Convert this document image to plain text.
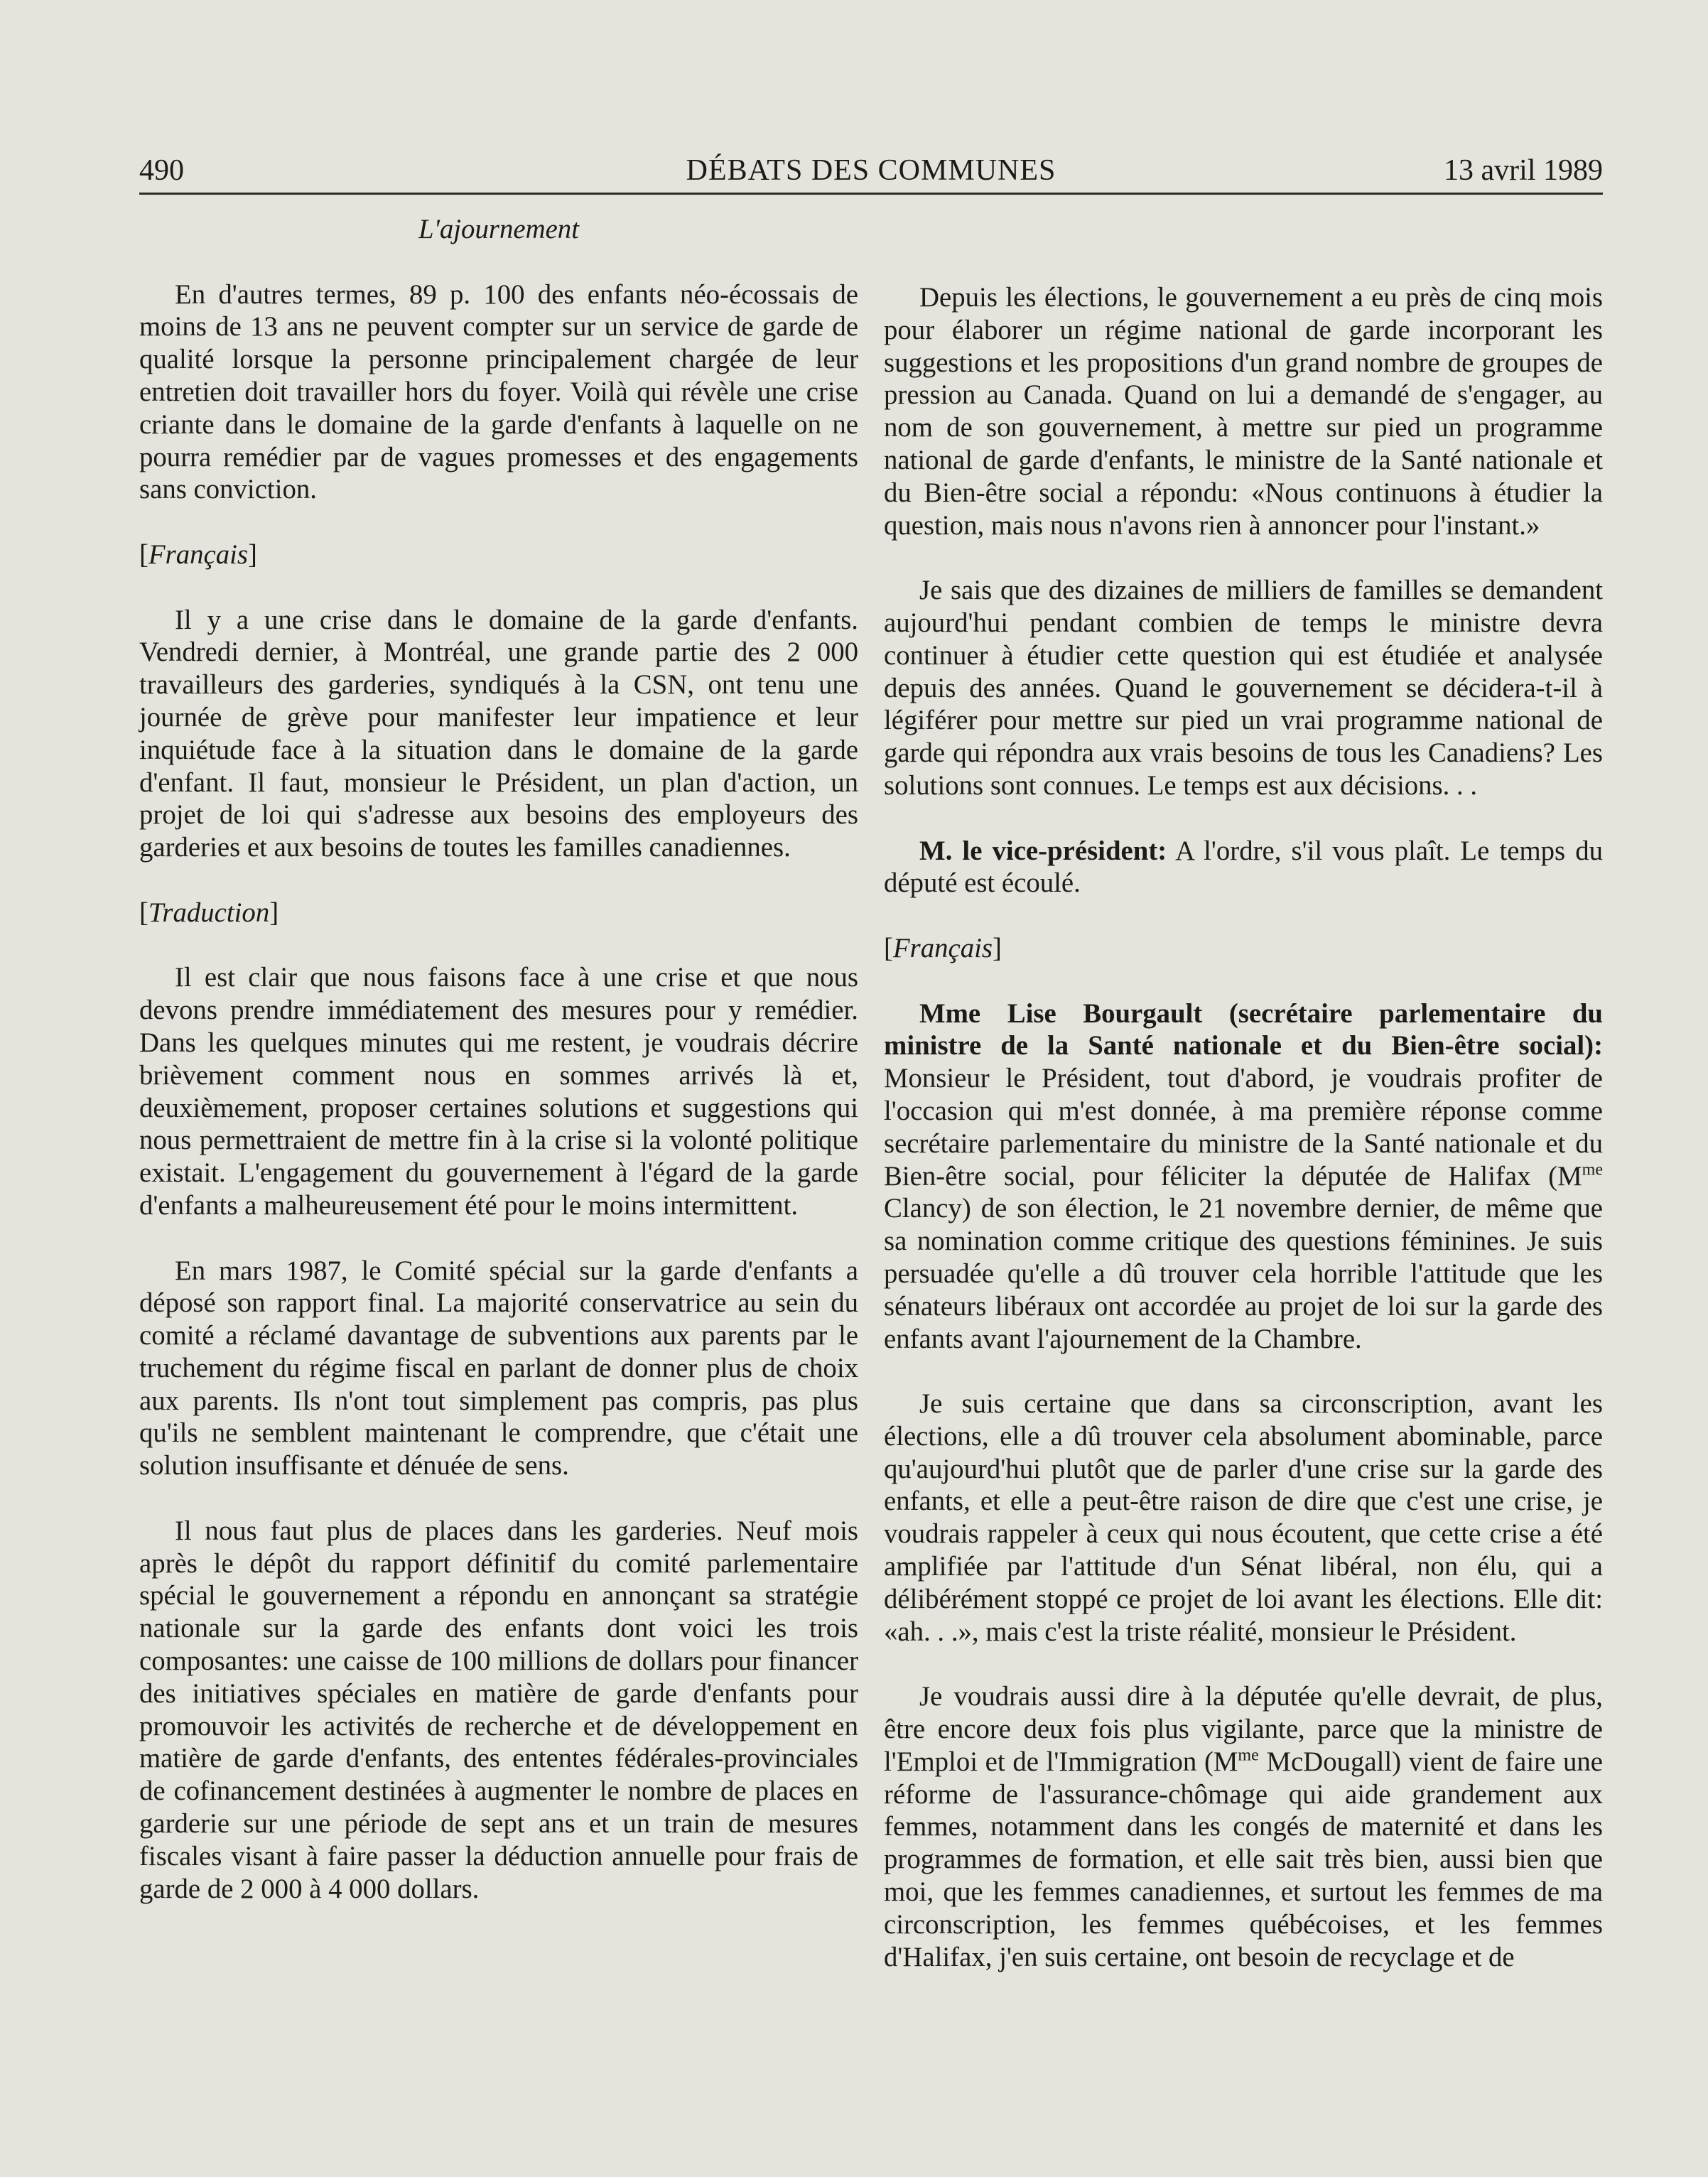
490	DÉBATS DES COMMUNES	13 avril 1989

L'ajournement

En d'autres termes, 89 p. 100 des enfants néo-écossais de moins de 13 ans ne peuvent compter sur un service de garde de qualité lorsque la personne principalement chargée de leur entretien doit travailler hors du foyer. Voilà qui révèle une crise criante dans le domaine de la garde d'enfants à laquelle on ne pourra remédier par de vagues promesses et des engagements sans conviction.

[Français]

Il y a une crise dans le domaine de la garde d'enfants. Vendredi dernier, à Montréal, une grande partie des 2 000 travailleurs des garderies, syndiqués à la CSN, ont tenu une journée de grève pour manifester leur impatience et leur inquiétude face à la situation dans le domaine de la garde d'enfant. Il faut, monsieur le Président, un plan d'action, un projet de loi qui s'adresse aux besoins des employeurs des garderies et aux besoins de toutes les familles canadiennes.

[Traduction]

Il est clair que nous faisons face à une crise et que nous devons prendre immédiatement des mesures pour y remédier. Dans les quelques minutes qui me restent, je voudrais décrire brièvement comment nous en sommes arrivés là et, deuxièmement, proposer certaines solutions et suggestions qui nous permettraient de mettre fin à la crise si la volonté politique existait. L'engagement du gouvernement à l'égard de la garde d'enfants a malheureusement été pour le moins intermittent.

En mars 1987, le Comité spécial sur la garde d'enfants a déposé son rapport final. La majorité conservatrice au sein du comité a réclamé davantage de subventions aux parents par le truchement du régime fiscal en parlant de donner plus de choix aux parents. Ils n'ont tout simplement pas compris, pas plus qu'ils ne semblent maintenant le comprendre, que c'était une solution insuffisante et dénuée de sens.

Il nous faut plus de places dans les garderies. Neuf mois après le dépôt du rapport définitif du comité parlementaire spécial le gouvernement a répondu en annonçant sa stratégie nationale sur la garde des enfants dont voici les trois composantes: une caisse de 100 millions de dollars pour financer des initiatives spéciales en matière de garde d'enfants pour promouvoir les activités de recherche et de développement en matière de garde d'enfants, des ententes fédérales-provinciales de cofinancement destinées à augmenter le nombre de places en garderie sur une période de sept ans et un train de mesures fiscales visant à faire passer la déduction annuelle pour frais de garde de 2 000 à 4 000 dollars.

Depuis les élections, le gouvernement a eu près de cinq mois pour élaborer un régime national de garde incorporant les suggestions et les propositions d'un grand nombre de groupes de pression au Canada. Quand on lui a demandé de s'engager, au nom de son gouvernement, à mettre sur pied un programme national de garde d'enfants, le ministre de la Santé nationale et du Bien-être social a répondu: «Nous continuons à étudier la question, mais nous n'avons rien à annoncer pour l'instant.»

Je sais que des dizaines de milliers de familles se demandent aujourd'hui pendant combien de temps le ministre devra continuer à étudier cette question qui est étudiée et analysée depuis des années. Quand le gouvernement se décidera-t-il à légiférer pour mettre sur pied un vrai programme national de garde qui répondra aux vrais besoins de tous les Canadiens? Les solutions sont connues. Le temps est aux décisions. . .

M. le vice-président: A l'ordre, s'il vous plaît. Le temps du député est écoulé.

[Français]

Mme Lise Bourgault (secrétaire parlementaire du ministre de la Santé nationale et du Bien-être social): Monsieur le Président, tout d'abord, je voudrais profiter de l'occasion qui m'est donnée, à ma première réponse comme secrétaire parlementaire du ministre de la Santé nationale et du Bien-être social, pour féliciter la députée de Halifax ($M^{me}$ Clancy) de son élection, le 21 novembre dernier, de même que sa nomination comme critique des questions féminines. Je suis persuadée qu'elle a dû trouver cela horrible l'attitude que les sénateurs libéraux ont accordée au projet de loi sur la garde des enfants avant l'ajournement de la Chambre.

Je suis certaine que dans sa circonscription, avant les élections, elle a dû trouver cela absolument abominable, parce qu'aujourd'hui plutôt que de parler d'une crise sur la garde des enfants, et elle a peut-être raison de dire que c'est une crise, je voudrais rappeler à ceux qui nous écoutent, que cette crise a été amplifiée par l'attitude d'un Sénat libéral, non élu, qui a délibérément stoppé ce projet de loi avant les élections. Elle dit: «ah. . .», mais c'est la triste réalité, monsieur le Président.

Je voudrais aussi dire à la députée qu'elle devrait, de plus, être encore deux fois plus vigilante, parce que la ministre de l'Emploi et de l'Immigration ($M^{me}$ McDougall) vient de faire une réforme de l'assurance-chômage qui aide grandement aux femmes, notamment dans les congés de maternité et dans les programmes de formation, et elle sait très bien, aussi bien que moi, que les femmes canadiennes, et surtout les femmes de ma circonscription, les femmes québécoises, et les femmes d'Halifax, j'en suis certaine, ont besoin de recyclage et de
